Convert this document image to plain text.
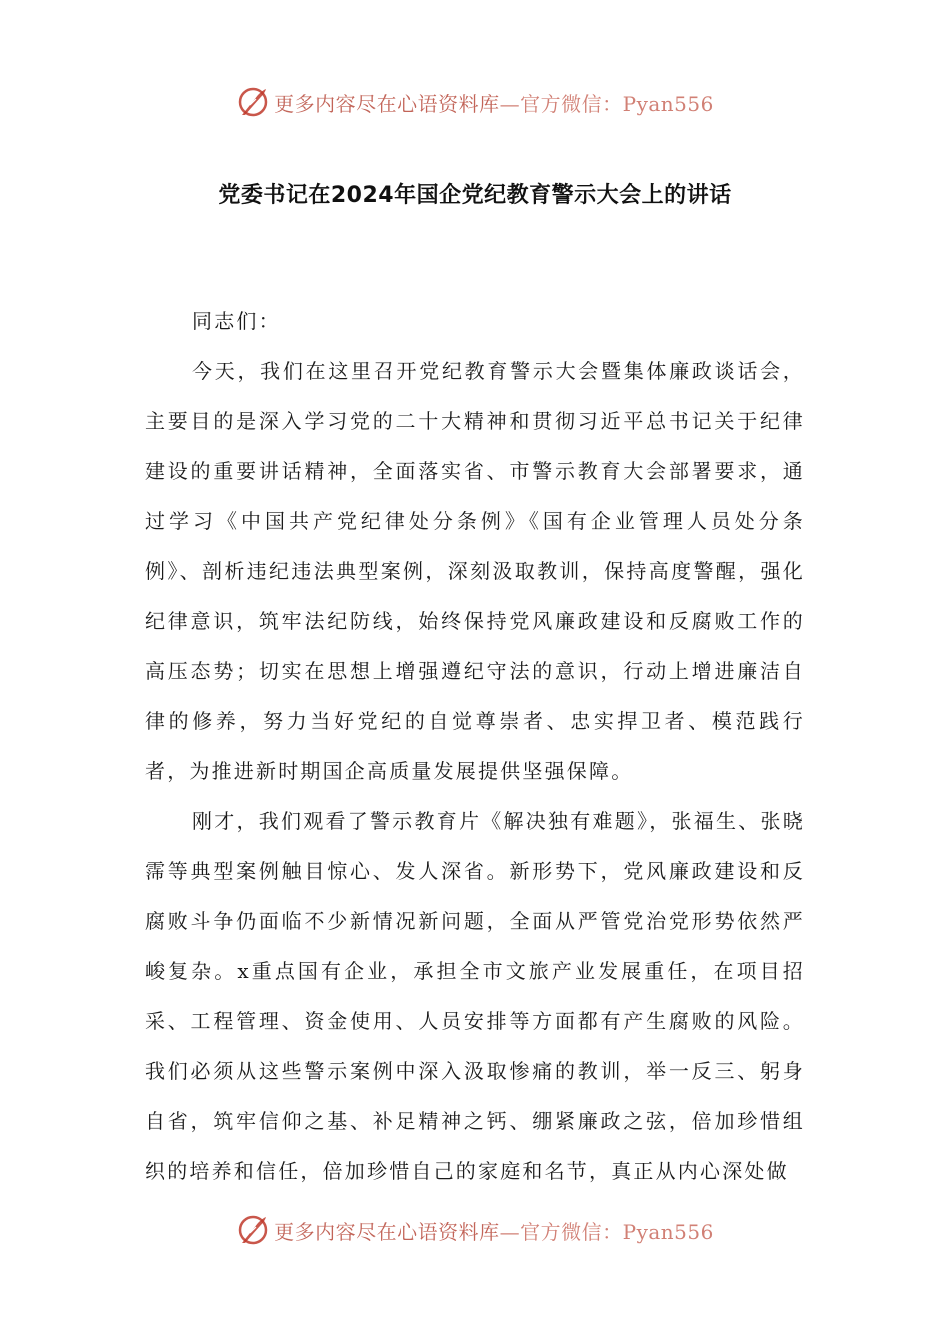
更多内容尽在心语资料库—官方微信：Pyan556
党委书记在2024年国企党纪教育警示大会上的讲话

同志们：

今天，我们在这里召开党纪教育警示大会暨集体廉政谈话会，主要目的是深入学习党的二十大精神和贯彻习近平总书记关于纪律建设的重要讲话精神，全面落实省、市警示教育大会部署要求，通过学习《中国共产党纪律处分条例》《国有企业管理人员处分条例》、剖析违纪违法典型案例，深刻汲取教训，保持高度警醒，强化纪律意识，筑牢法纪防线，始终保持党风廉政建设和反腐败工作的高压态势；切实在思想上增强遵纪守法的意识，行动上增进廉洁自律的修养，努力当好党纪的自觉尊崇者、忠实捍卫者、模范践行者，为推进新时期国企高质量发展提供坚强保障。

刚才，我们观看了警示教育片《解决独有难题》，张福生、张晓霈等典型案例触目惊心、发人深省。新形势下，党风廉政建设和反腐败斗争仍面临不少新情况新问题，全面从严管党治党形势依然严峻复杂。x重点国有企业，承担全市文旅产业发展重任，在项目招采、工程管理、资金使用、人员安排等方面都有产生腐败的风险。我们必须从这些警示案例中深入汲取惨痛的教训，举一反三、躬身自省，筑牢信仰之基、补足精神之钙、绷紧廉政之弦，倍加珍惜组织的培养和信任，倍加珍惜自己的家庭和名节，真正从内心深处做

更多内容尽在心语资料库—官方微信：Pyan556
